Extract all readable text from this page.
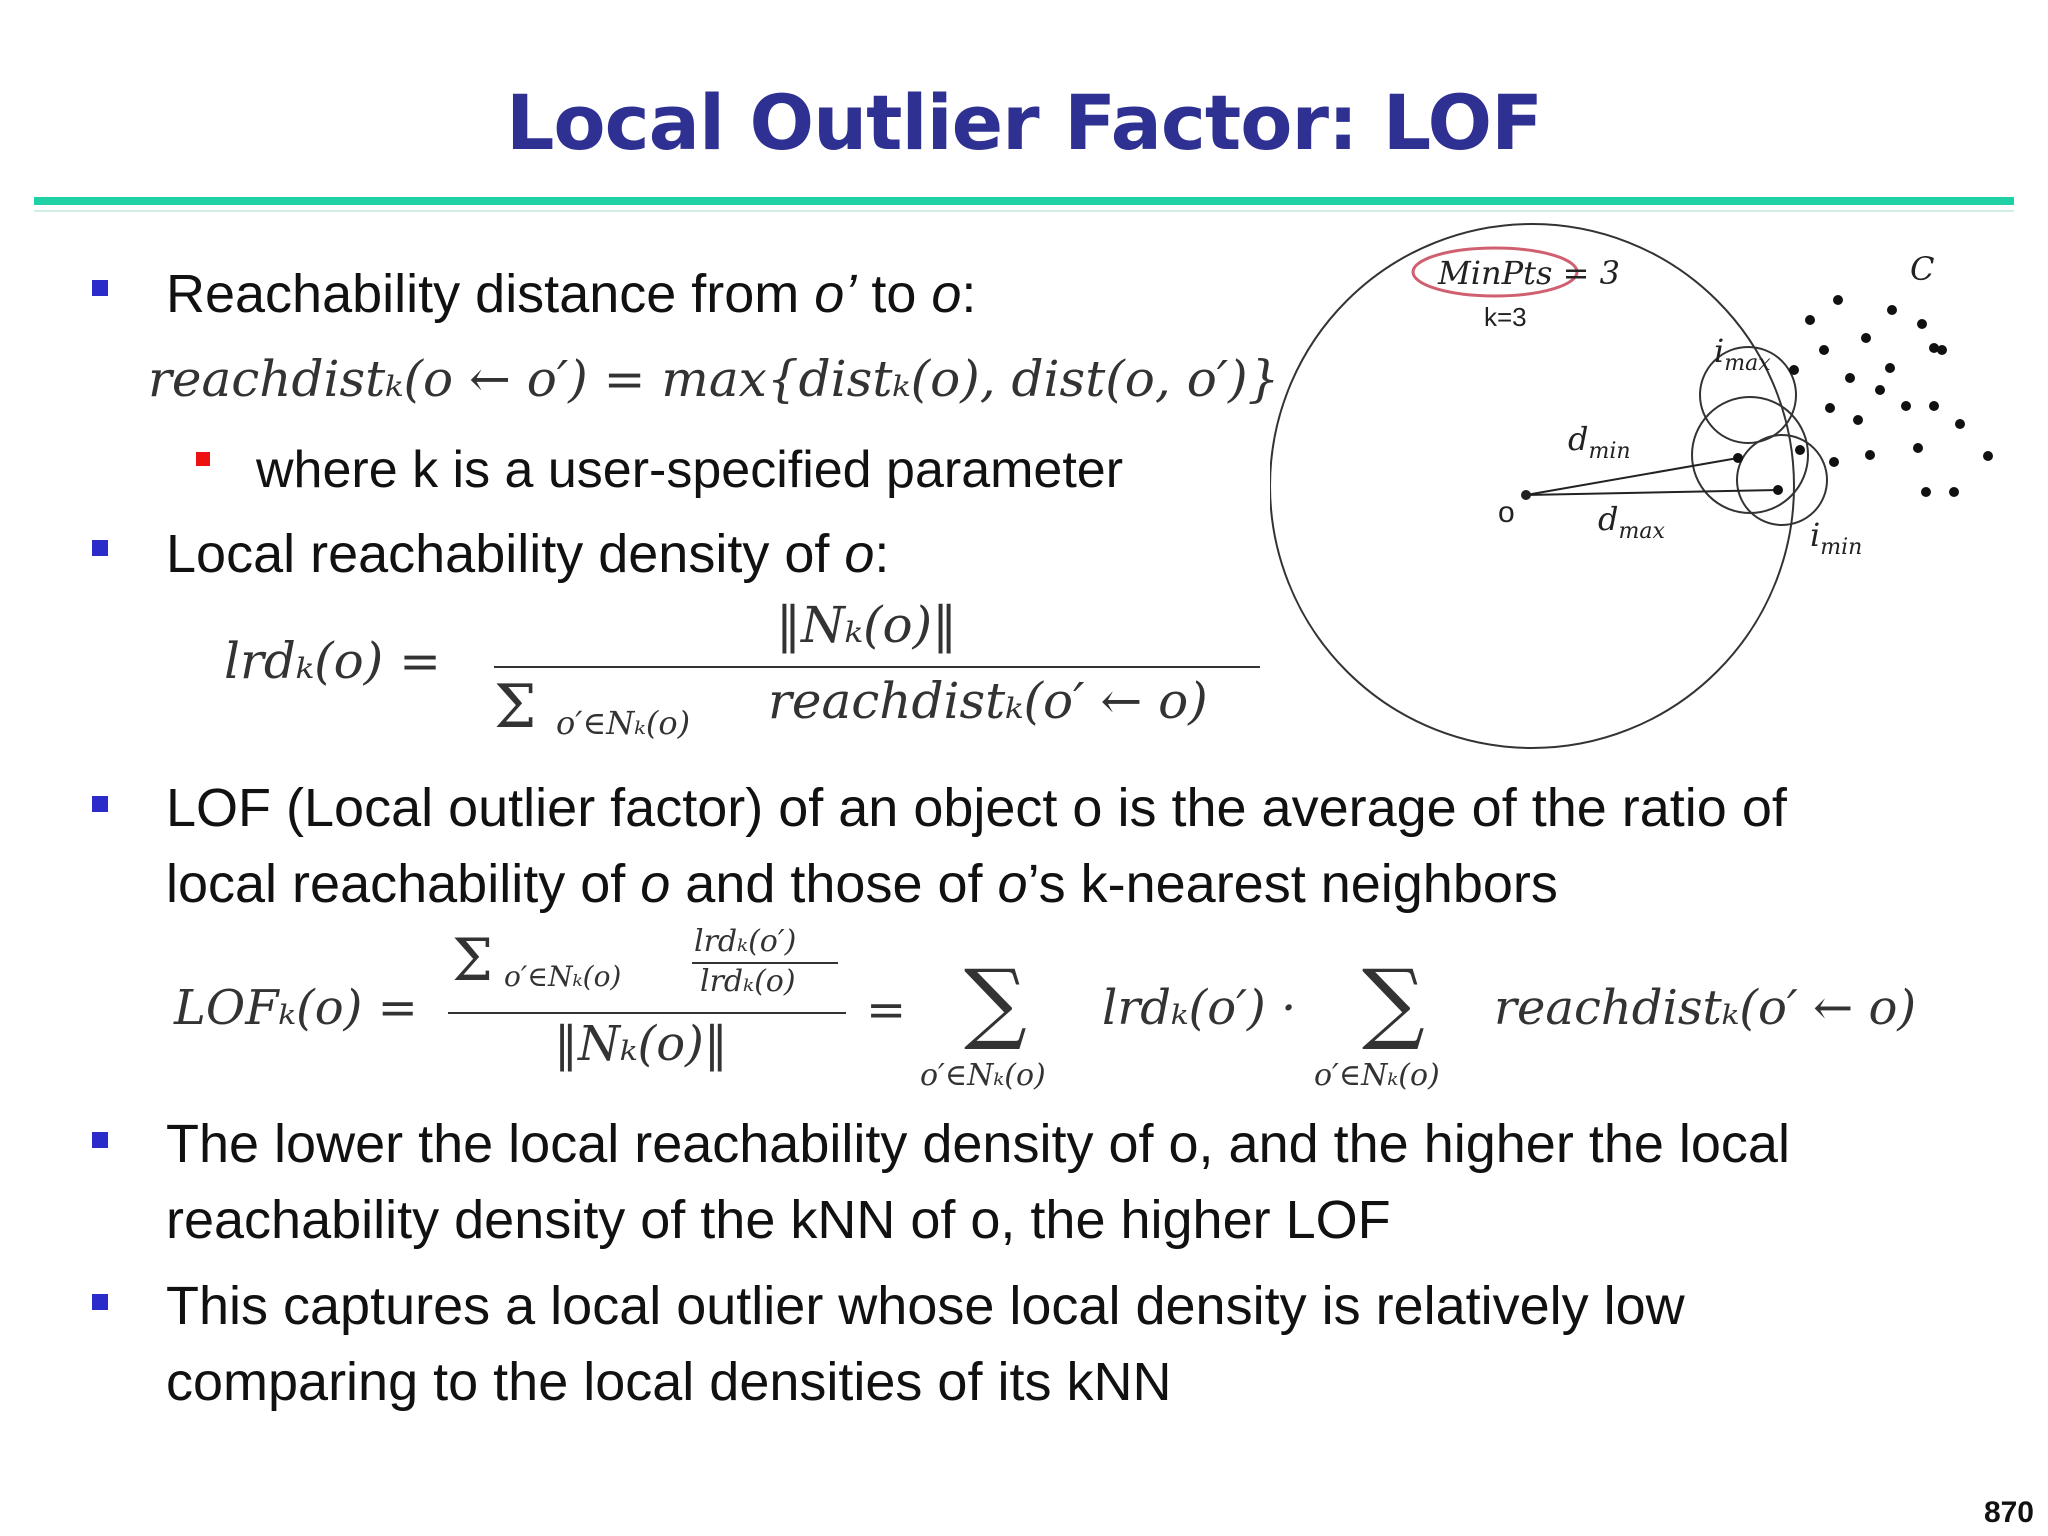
Local Outlier Factor: LOF
Reachability distance from o’ to o:
reachdistₖ(o ← o′) = max{distₖ(o), dist(o, o′)}
where k is a user-specified parameter
Local reachability density of o:
lrdₖ(o) =
‖Nₖ(o)‖
Σ o′∈Nₖ(o) reachdistₖ(o′ ← o)
MinPts = 3
k=3
C
o
$d_{min}$
$d_{max}$
$i_{max}$
$i_{min}$
LOF (Local outlier factor) of an object o is the average of the ratio of
local reachability of o and those of o’s k-nearest neighbors
LOFₖ(o) =
Σ o′∈Nₖ(o)
lrdₖ(o′)
lrdₖ(o)
‖Nₖ(o)‖
= ∑
o′∈Nₖ(o)
lrdₖ(o′) · ∑
o′∈Nₖ(o)
reachdistₖ(o′ ← o)
The lower the local reachability density of o, and the higher the local
reachability density of the kNN of o, the higher LOF
This captures a local outlier whose local density is relatively low
comparing to the local densities of its kNN
870
